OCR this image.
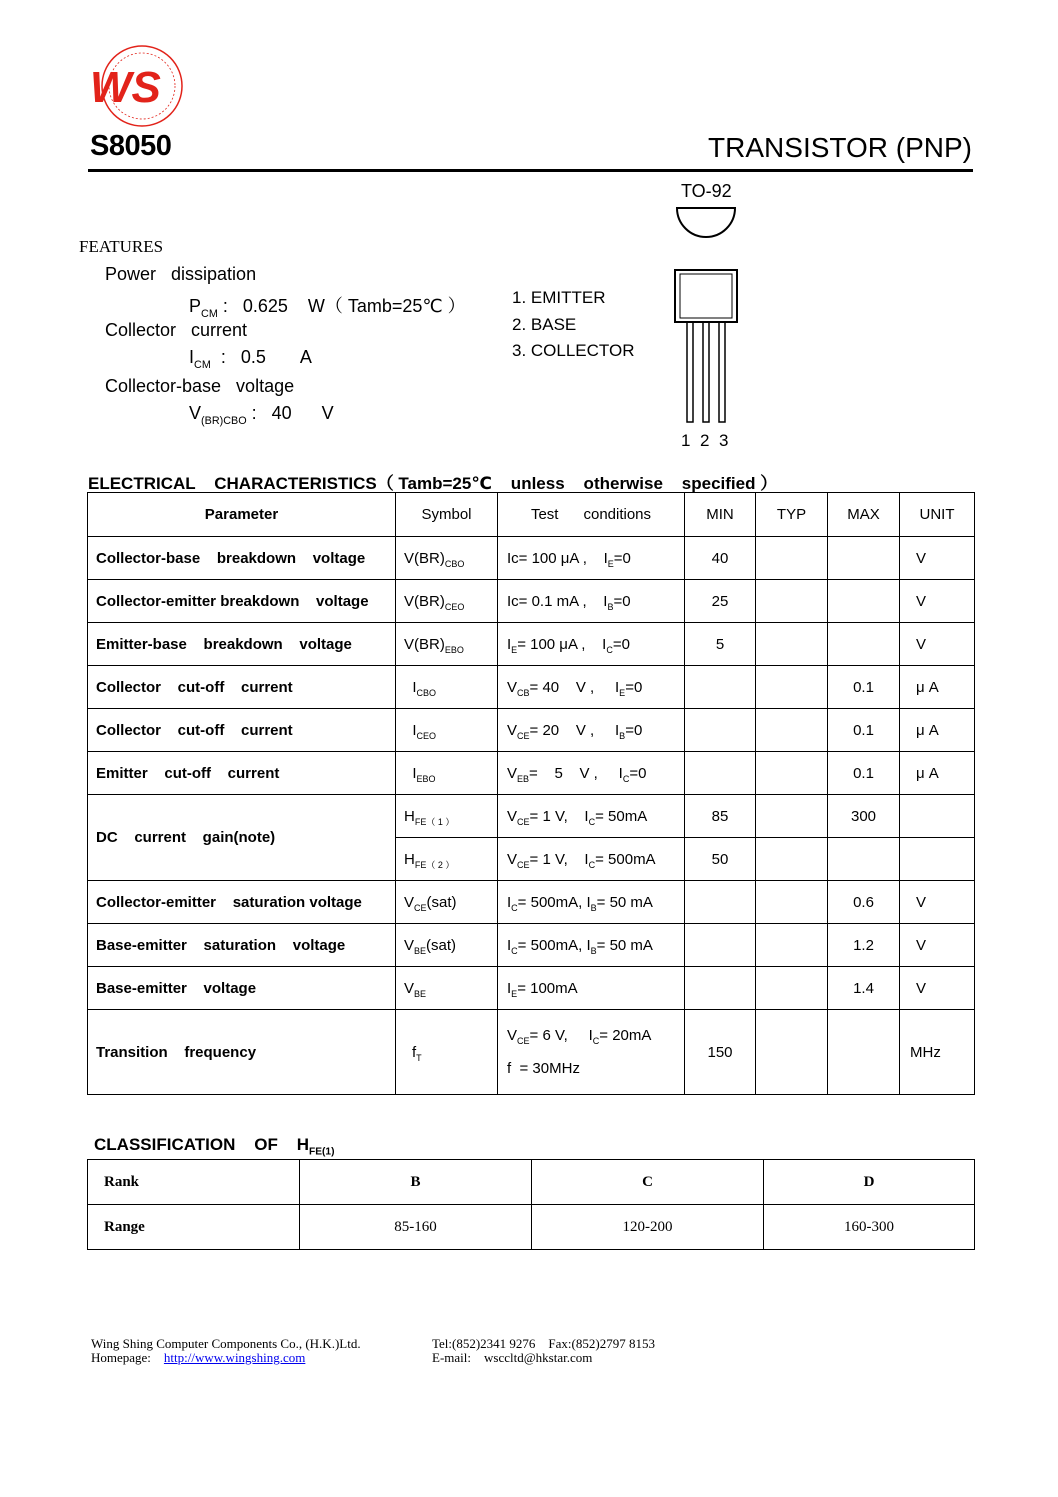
WS
S8050	TRANSISTOR (PNP)
FEATURES
Power   dissipation
$P_{CM}$ :   0.625    W（ Tamb=25℃ ）
Collector   current
$I_{CM}$  :   0.5       A
Collector-base   voltage
$V_{(BR)CBO}$ :   40      V
1. EMITTER
2. BASE
3. COLLECTOR
TO-92
1 2 3
ELECTRICAL    CHARACTERISTICS（ Tamb=25℃    unless    otherwise    specified ）
Parameter	Symbol	Test      conditions	MIN	TYP	MAX	UNIT
Collector-base    breakdown    voltage	$V(BR)_{CBO}$	Ic= 100 μA ,    $I_E=0$	40			V
Collector-emitter breakdown    voltage	$V(BR)_{CEO}$	Ic= 0.1 mA ,    $I_B=0$	25			V
Emitter-base    breakdown    voltage	$V(BR)_{EBO}$	$I_E= 100$ μA ,    $I_C=0$	5			V
Collector    cut-off    current	$I_{CBO}$	$V_{CB}= 40$    V ,     $I_E=0$			0.1	μ A
Collector    cut-off    current	$I_{CEO}$	$V_{CE}= 20$    V ,     $I_B=0$			0.1	μ A
Emitter    cut-off    current	$I_{EBO}$	$V_{EB}=$    5    V ,     $I_C=0$			0.1	μ A
DC    current    gain(note)	$H_{FE( 1 )}$	$V_{CE}= 1$ V,    $I_C= 50mA$	85		300	
	$H_{FE( 2 )}$	$V_{CE}= 1$ V,    $I_C= 500mA$	50			
Collector-emitter    saturation voltage	$V_{CE}(sat)$	$I_C= 500mA$, $I_B= 50$ mA			0.6	V
Base-emitter    saturation    voltage	$V_{BE}(sat)$	$I_C= 500mA$, $I_B= 50$ mA			1.2	V
Base-emitter    voltage	$V_{BE}$	$I_E= 100mA$			1.4	V
Transition    frequency	$f_T$	$V_{CE}= 6$ V,     $I_C= 20mA$
f  = 30MHz	150			MHz
CLASSIFICATION    OF    $H_{FE(1)}$
Rank	B	C	D
Range	85-160	120-200	160-300
Wing Shing Computer Components Co., (H.K.)Ltd.
Homepage: http://www.wingshing.com
Tel:(852)2341 9276    Fax:(852)2797 8153
E-mail: wsccltd@hkstar.com
